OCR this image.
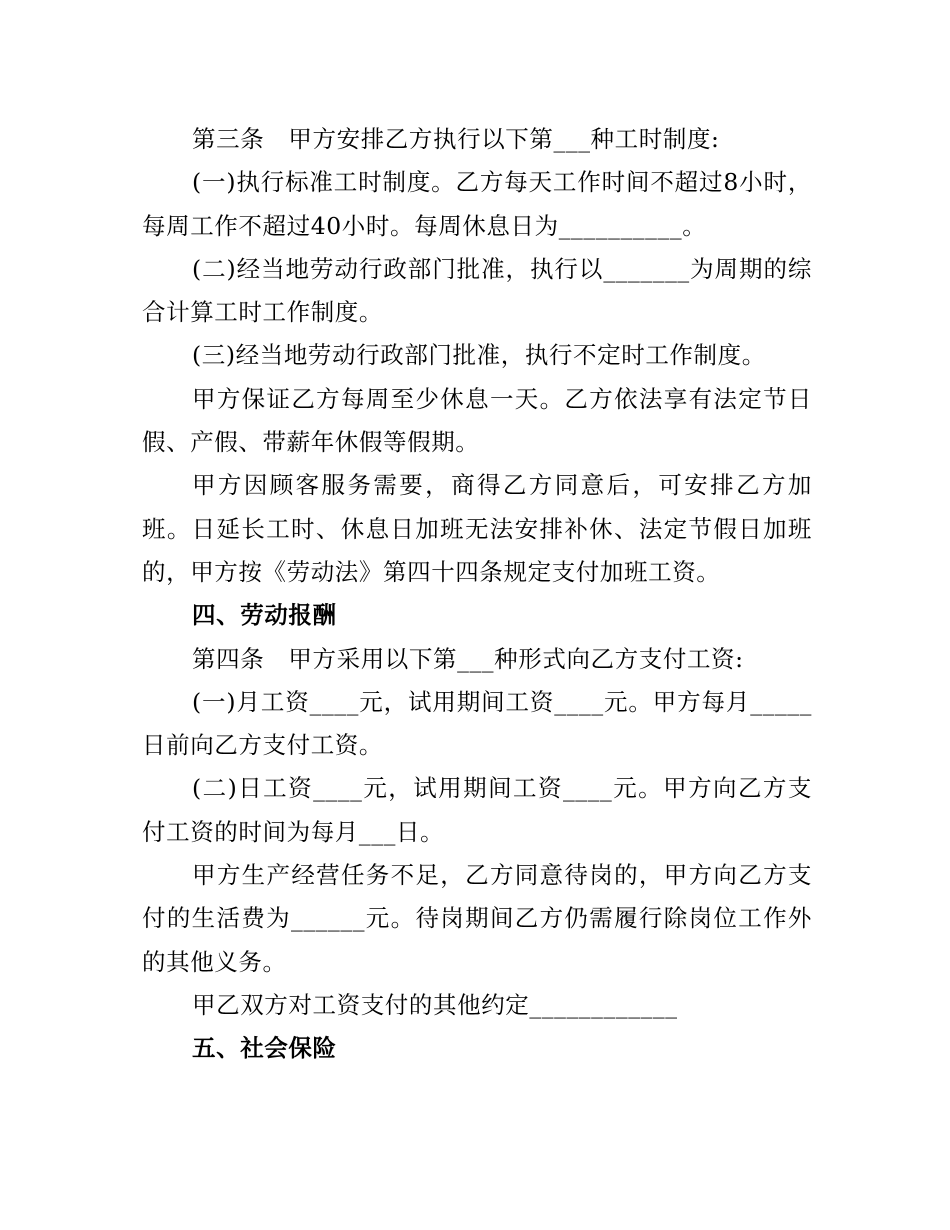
第三条　甲方安排乙方执行以下第___种工时制度:

(一)执行标准工时制度。乙方每天工作时间不超过8小时，每周工作不超过40小时。每周休息日为__________。

(二)经当地劳动行政部门批准，执行以_______为周期的综合计算工时工作制度。

(三)经当地劳动行政部门批准，执行不定时工作制度。

甲方保证乙方每周至少休息一天。乙方依法享有法定节日假、产假、带薪年休假等假期。

甲方因顾客服务需要，商得乙方同意后，可安排乙方加班。日延长工时、休息日加班无法安排补休、法定节假日加班的，甲方按《劳动法》第四十四条规定支付加班工资。

四、劳动报酬

第四条　甲方采用以下第___种形式向乙方支付工资:

(一)月工资____元，试用期间工资____元。甲方每月_____日前向乙方支付工资。

(二)日工资____元，试用期间工资____元。甲方向乙方支付工资的时间为每月___日。

甲方生产经营任务不足，乙方同意待岗的，甲方向乙方支付的生活费为______元。待岗期间乙方仍需履行除岗位工作外的其他义务。

甲乙双方对工资支付的其他约定____________

五、社会保险
